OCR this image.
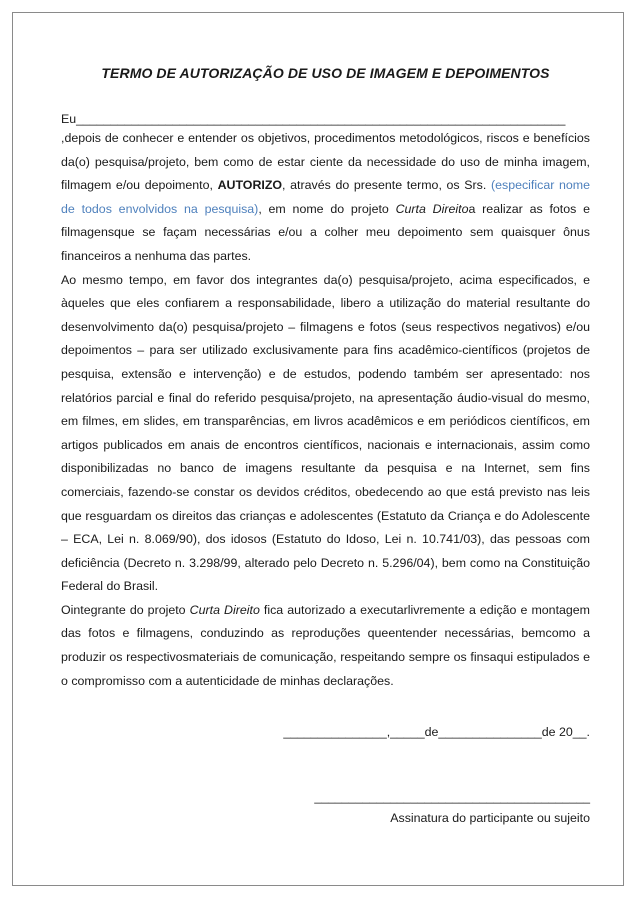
TERMO DE AUTORIZAÇÃO DE USO DE IMAGEM E DEPOIMENTOS
Eu_______________________________________________________________________

,depois de conhecer e entender os objetivos, procedimentos metodológicos, riscos e benefícios da(o) pesquisa/projeto, bem como de estar ciente da necessidade do uso de minha imagem, filmagem e/ou depoimento, AUTORIZO, através do presente termo, os Srs. (especificar nome de todos envolvidos na pesquisa), em nome do projeto Curta Direitoa realizar as fotos e filmagensque se façam necessárias e/ou a colher meu depoimento sem quaisquer ônus financeiros a nenhuma das partes.

Ao mesmo tempo, em favor dos integrantes da(o) pesquisa/projeto, acima especificados, e àqueles que eles confiarem a responsabilidade, libero a utilização do material resultante do desenvolvimento da(o) pesquisa/projeto – filmagens e fotos (seus respectivos negativos) e/ou depoimentos – para ser utilizado exclusivamente para fins acadêmico-científicos (projetos de pesquisa, extensão e intervenção) e de estudos, podendo também ser apresentado: nos relatórios parcial e final do referido pesquisa/projeto, na apresentação áudio-visual do mesmo, em filmes, em slides, em transparências, em livros acadêmicos e em periódicos científicos, em artigos publicados em anais de encontros científicos, nacionais e internacionais, assim como disponibilizadas no banco de imagens resultante da pesquisa e na Internet, sem fins comerciais, fazendo-se constar os devidos créditos, obedecendo ao que está previsto nas leis que resguardam os direitos das crianças e adolescentes (Estatuto da Criança e do Adolescente – ECA, Lei n. 8.069/90), dos idosos (Estatuto do Idoso, Lei n. 10.741/03), das pessoas com deficiência (Decreto n. 3.298/99, alterado pelo Decreto n. 5.296/04), bem como na Constituição Federal do Brasil.

Ointegrante do projeto Curta Direito fica autorizado a executarlivremente a edição e montagem das fotos e filmagens, conduzindo as reproduções queentender necessárias, bemcomo a produzir os respectivosmateriais de comunicação, respeitando sempre os finsaqui estipulados e o compromisso com a autenticidade de minhas declarações.

_______________,_____de_______________de 20__.
________________________________________
Assinatura do participante ou sujeito
